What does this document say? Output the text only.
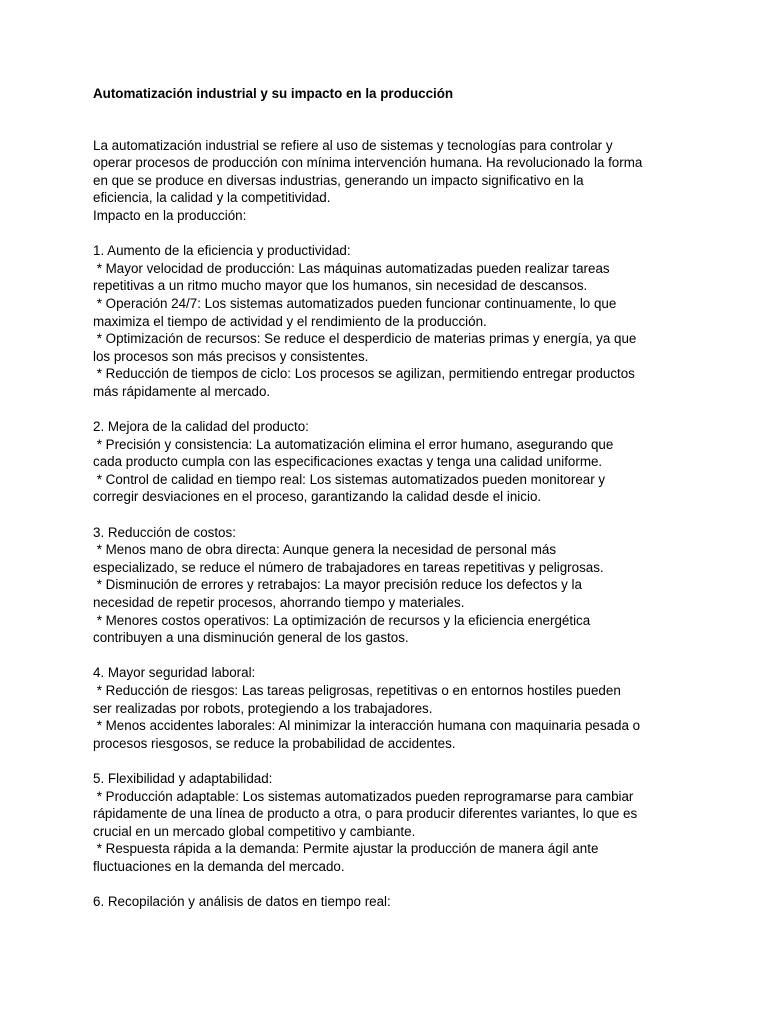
Automatización industrial y su impacto en la producción

La automatización industrial se refiere al uso de sistemas y tecnologías para controlar y
operar procesos de producción con mínima intervención humana. Ha revolucionado la forma
en que se produce en diversas industrias, generando un impacto significativo en la
eficiencia, la calidad y la competitividad.
Impacto en la producción:
1. Aumento de la eficiencia y productividad:
* Mayor velocidad de producción: Las máquinas automatizadas pueden realizar tareas
repetitivas a un ritmo mucho mayor que los humanos, sin necesidad de descansos.
* Operación 24/7: Los sistemas automatizados pueden funcionar continuamente, lo que
maximiza el tiempo de actividad y el rendimiento de la producción.
* Optimización de recursos: Se reduce el desperdicio de materias primas y energía, ya que
los procesos son más precisos y consistentes.
* Reducción de tiempos de ciclo: Los procesos se agilizan, permitiendo entregar productos
más rápidamente al mercado.
2. Mejora de la calidad del producto:
* Precisión y consistencia: La automatización elimina el error humano, asegurando que
cada producto cumpla con las especificaciones exactas y tenga una calidad uniforme.
* Control de calidad en tiempo real: Los sistemas automatizados pueden monitorear y
corregir desviaciones en el proceso, garantizando la calidad desde el inicio.
3. Reducción de costos:
* Menos mano de obra directa: Aunque genera la necesidad de personal más
especializado, se reduce el número de trabajadores en tareas repetitivas y peligrosas.
* Disminución de errores y retrabajos: La mayor precisión reduce los defectos y la
necesidad de repetir procesos, ahorrando tiempo y materiales.
* Menores costos operativos: La optimización de recursos y la eficiencia energética
contribuyen a una disminución general de los gastos.
4. Mayor seguridad laboral:
* Reducción de riesgos: Las tareas peligrosas, repetitivas o en entornos hostiles pueden
ser realizadas por robots, protegiendo a los trabajadores.
* Menos accidentes laborales: Al minimizar la interacción humana con maquinaria pesada o
procesos riesgosos, se reduce la probabilidad de accidentes.
5. Flexibilidad y adaptabilidad:
* Producción adaptable: Los sistemas automatizados pueden reprogramarse para cambiar
rápidamente de una línea de producto a otra, o para producir diferentes variantes, lo que es
crucial en un mercado global competitivo y cambiante.
* Respuesta rápida a la demanda: Permite ajustar la producción de manera ágil ante
fluctuaciones en la demanda del mercado.
6. Recopilación y análisis de datos en tiempo real:
